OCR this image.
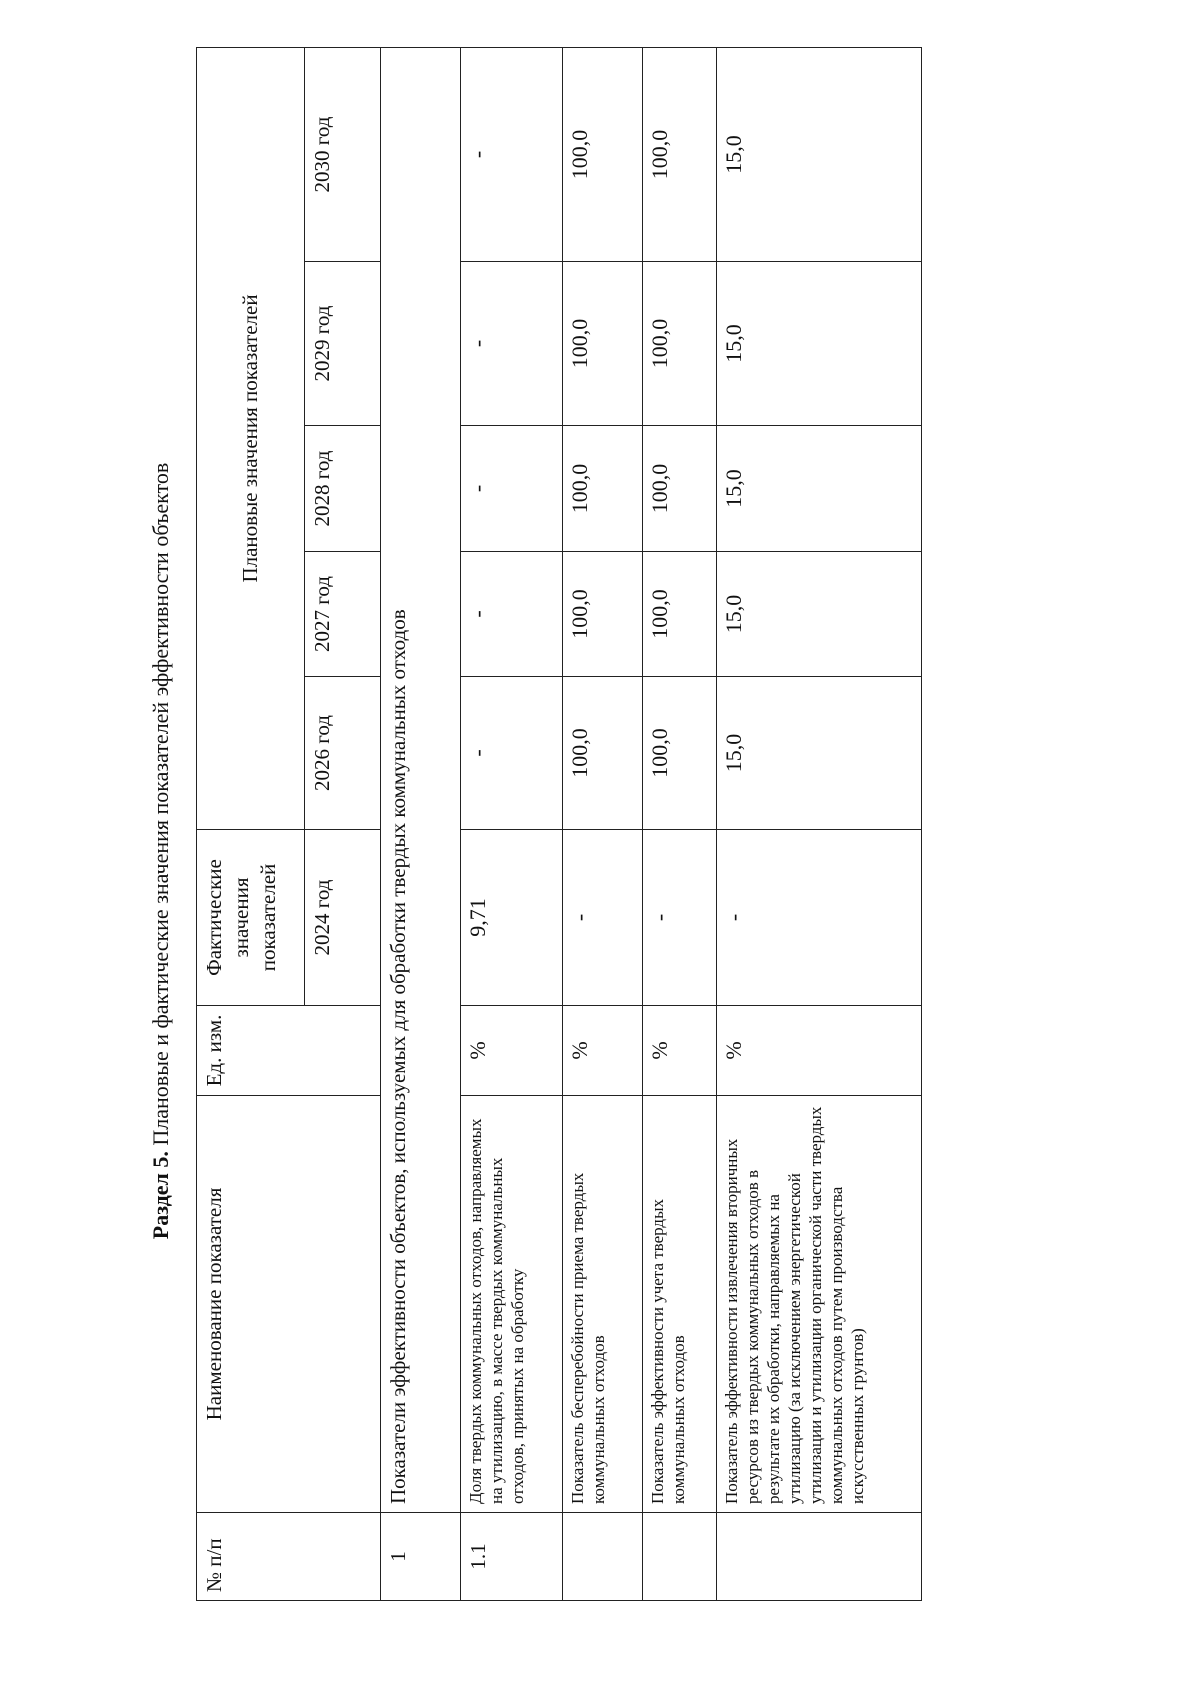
Раздел 5. Плановые и фактические значения показателей эффективности объектов
№ п/п	Наименование показателя	Ед. изм.	Фактические значения показателей	Плановые значения показателей				
			2024 год	2026 год	2027 год	2028 год	2029 год	2030 год
1	Показатели эффективности объектов, используемых для обработки твердых коммунальных отходов							
1.1	Доля твердых коммунальных отходов, направляемых на утилизацию, в массе твердых коммунальных отходов, принятых на обработку	%	9,71	-	-	-	-	-
	Показатель бесперебойности приема твердых коммунальных отходов	%	-	100,0	100,0	100,0	100,0	100,0
	Показатель эффективности учета твердых коммунальных отходов	%	-	100,0	100,0	100,0	100,0	100,0
	Показатель эффективности извлечения вторичных ресурсов из твердых коммунальных отходов в результате их обработки, направляемых на утилизацию (за исключением энергетической утилизации и утилизации органической части твердых коммунальных отходов путем производства искусственных грунтов)	%	-	15,0	15,0	15,0	15,0	15,0
